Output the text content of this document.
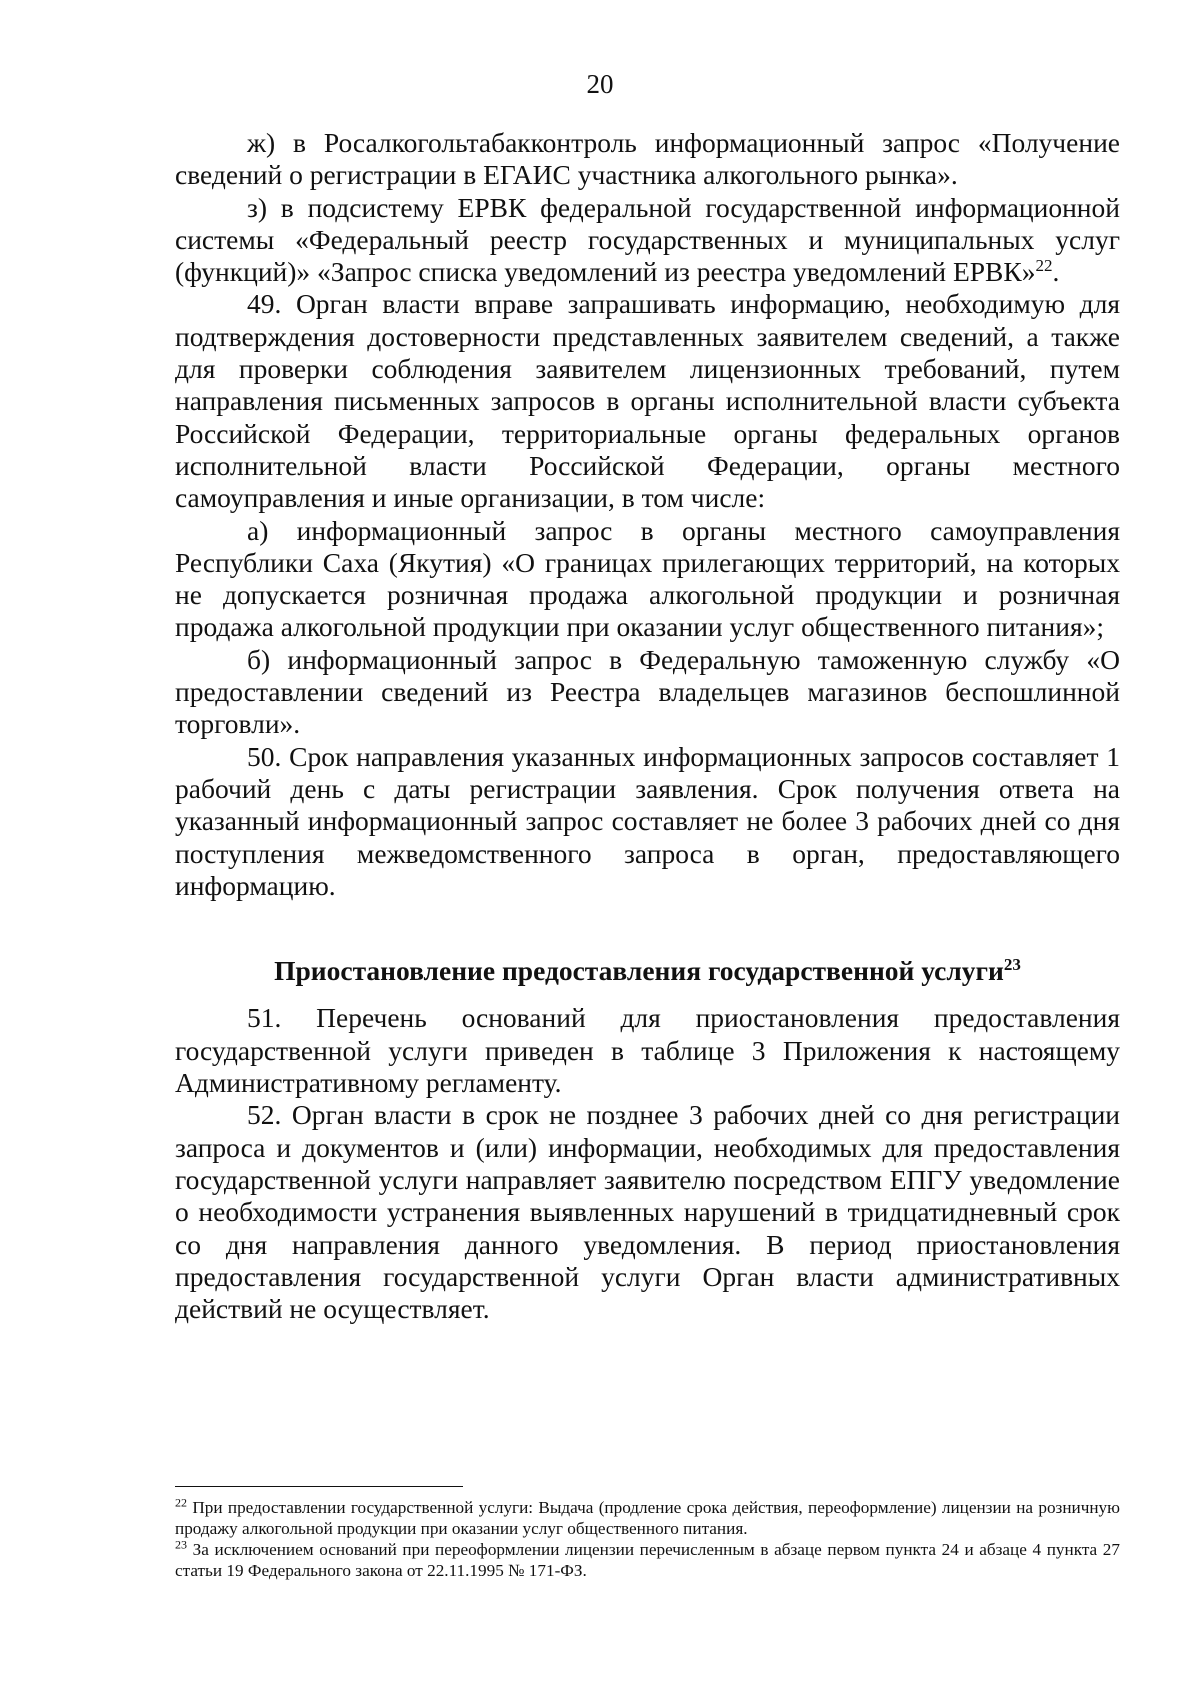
20

ж) в Росалкогольтабакконтроль информационный запрос «Получение сведений о регистрации в ЕГАИС участника алкогольного рынка».

з) в подсистему ЕРВК федеральной государственной информационной системы «Федеральный реестр государственных и муниципальных услуг (функций)» «Запрос списка уведомлений из реестра уведомлений ЕРВК»$^{22}$.

49. Орган власти вправе запрашивать информацию, необходимую для подтверждения достоверности представленных заявителем сведений, а также для проверки соблюдения заявителем лицензионных требований, путем направления письменных запросов в органы исполнительной власти субъекта Российской Федерации, территориальные органы федеральных органов исполнительной власти Российской Федерации, органы местного самоуправления и иные организации, в том числе:

а) информационный запрос в органы местного самоуправления Республики Саха (Якутия) «О границах прилегающих территорий, на которых не допускается розничная продажа алкогольной продукции и розничная продажа алкогольной продукции при оказании услуг общественного питания»;

б) информационный запрос в Федеральную таможенную службу «О предоставлении сведений из Реестра владельцев магазинов беспошлинной торговли».

50. Срок направления указанных информационных запросов составляет 1 рабочий день с даты регистрации заявления. Срок получения ответа на указанный информационный запрос составляет не более 3 рабочих дней со дня поступления межведомственного запроса в орган, предоставляющего информацию.

Приостановление предоставления государственной услуги$^{23}$

51. Перечень оснований для приостановления предоставления государственной услуги приведен в таблице 3 Приложения к настоящему Административному регламенту.

52. Орган власти в срок не позднее 3 рабочих дней со дня регистрации запроса и документов и (или) информации, необходимых для предоставления государственной услуги направляет заявителю посредством ЕПГУ уведомление о необходимости устранения выявленных нарушений в тридцатидневный срок со дня направления данного уведомления. В период приостановления предоставления государственной услуги Орган власти административных действий не осуществляет.

$^{22}$ При предоставлении государственной услуги: Выдача (продление срока действия, переоформление) лицензии на розничную продажу алкогольной продукции при оказании услуг общественного питания.

$^{23}$ За исключением оснований при переоформлении лицензии перечисленным в абзаце первом пункта 24 и абзаце 4 пункта 27 статьи 19 Федерального закона от 22.11.1995 № 171-ФЗ.
